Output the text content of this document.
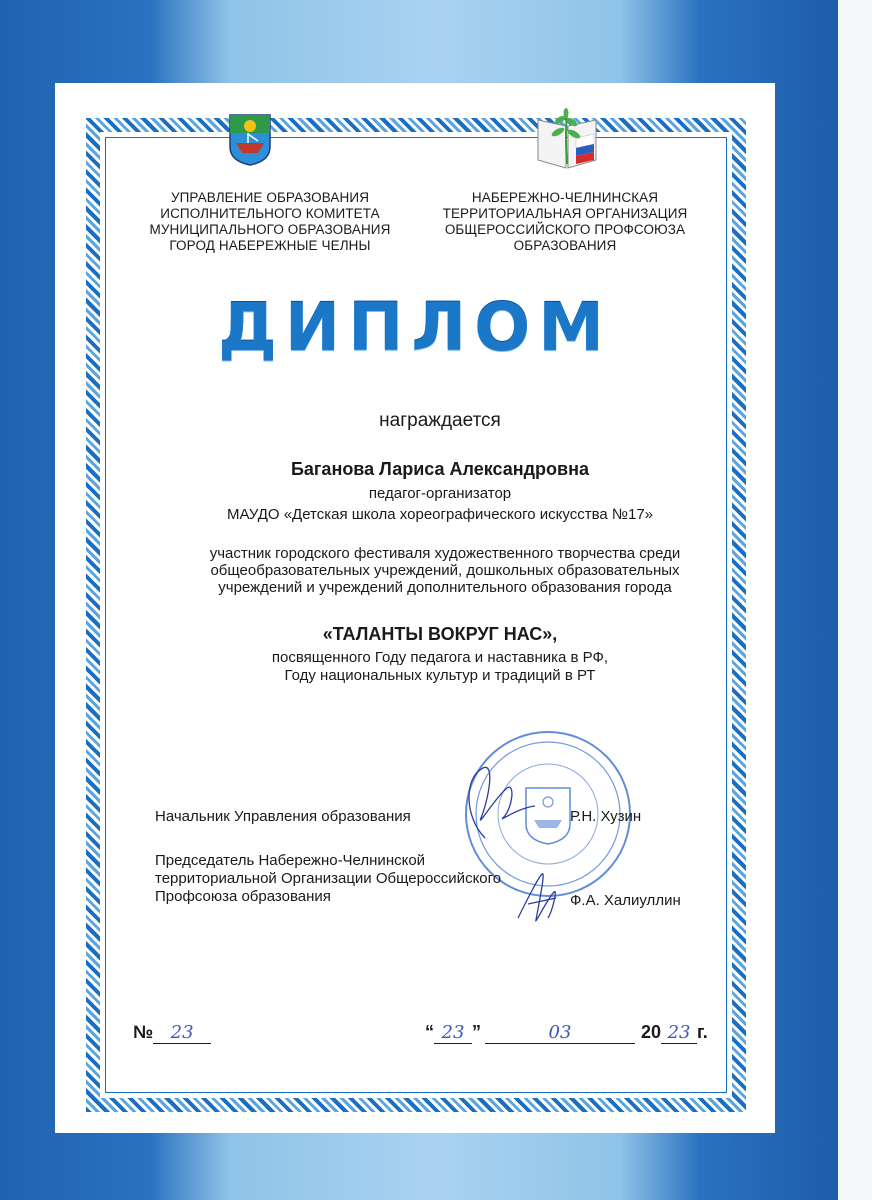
УПРАВЛЕНИЕ ОБРАЗОВАНИЯ ИСПОЛНИТЕЛЬНОГО КОМИТЕТА МУНИЦИПАЛЬНОГО ОБРАЗОВАНИЯ ГОРОД НАБЕРЕЖНЫЕ ЧЕЛНЫ
НАБЕРЕЖНО-ЧЕЛНИНСКАЯ ТЕРРИТОРИАЛЬНАЯ ОРГАНИЗАЦИЯ ОБЩЕРОССИЙСКОГО ПРОФСОЮЗА ОБРАЗОВАНИЯ
ДИПЛОМ
награждается
Баганова Лариса Александровна
педагог-организатор
МАУДО «Детская школа хореографического искусства №17»
участник городского фестиваля художественного творчества среди общеобразовательных учреждений, дошкольных образовательных учреждений и учреждений дополнительного образования города
«ТАЛАНТЫ ВОКРУГ НАС»,
посвященного Году педагога и наставника в РФ,
Году национальных культур и традиций в РТ
Начальник Управления образования	Р.Н. Хузин
Председатель Набережно-Челнинской территориальной Организации Общероссийского Профсоюза образования	Ф.А. Халиуллин
№ 23	“ 23 ”	03	20 23 г.
